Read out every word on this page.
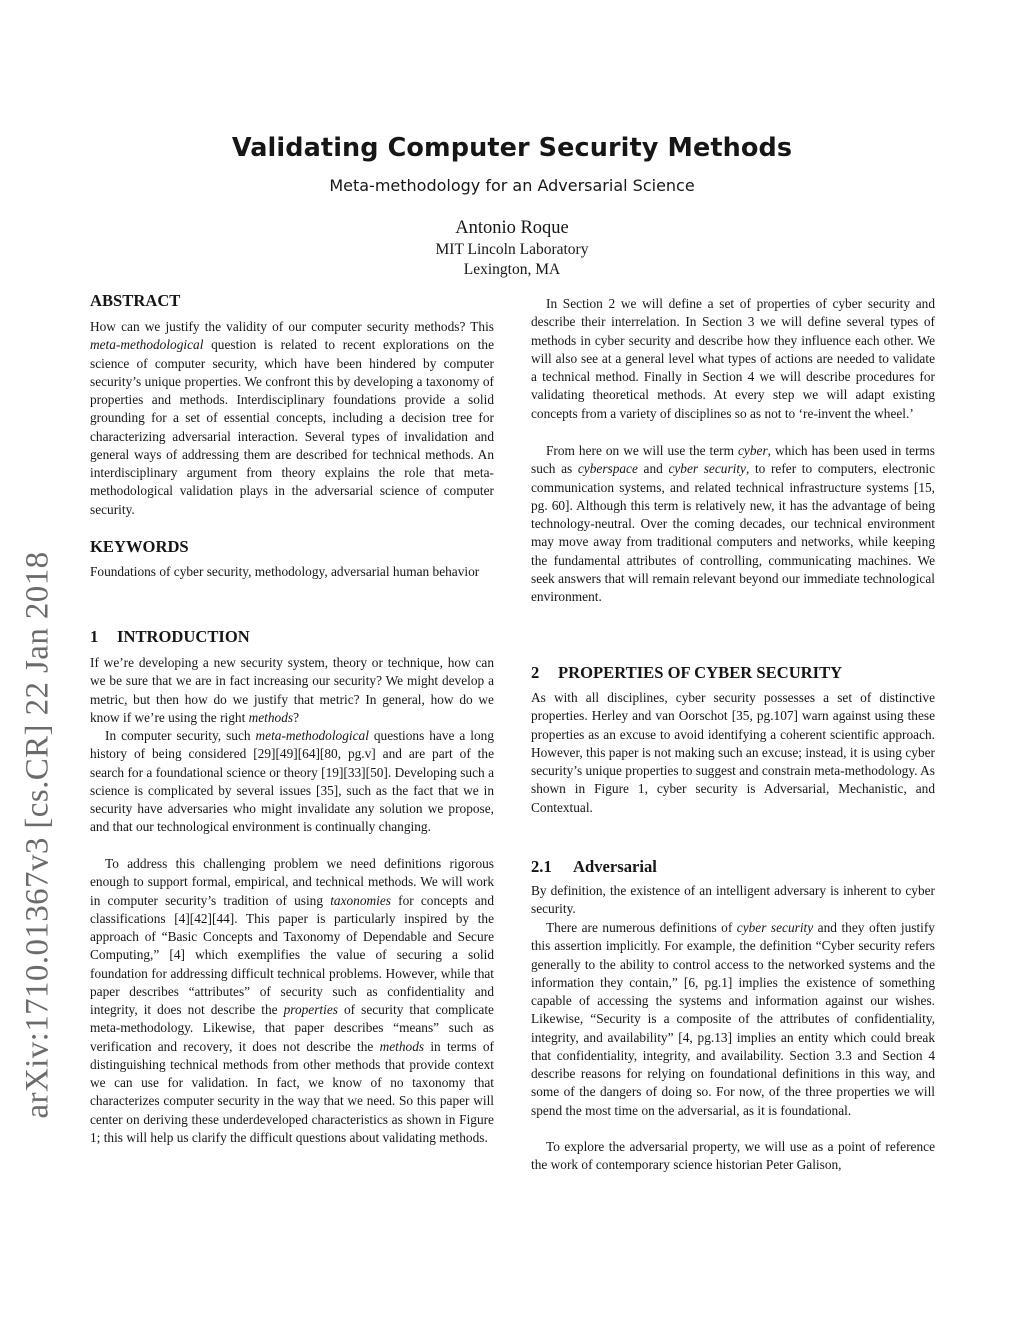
Validating Computer Security Methods
Meta-methodology for an Adversarial Science
Antonio Roque
MIT Lincoln Laboratory
Lexington, MA
arXiv:1710.01367v3 [cs.CR] 22 Jan 2018
ABSTRACT

How can we justify the validity of our computer security methods? This meta-methodological question is related to recent explorations on the science of computer security, which have been hindered by computer security’s unique properties. We confront this by developing a taxonomy of properties and methods. Interdisciplinary foundations provide a solid grounding for a set of essential concepts, including a decision tree for characterizing adversarial interaction. Several types of invalidation and general ways of addressing them are described for technical methods. An interdisciplinary argument from theory explains the role that meta-methodological validation plays in the adversarial science of computer security.

KEYWORDS

Foundations of cyber security, methodology, adversarial human behavior

1 INTRODUCTION

If we’re developing a new security system, theory or technique, how can we be sure that we are in fact increasing our security? We might develop a metric, but then how do we justify that metric? In general, how do we know if we’re using the right methods?

In computer security, such meta-methodological questions have a long history of being considered [29][49][64][80, pg.v] and are part of the search for a foundational science or theory [19][33][50]. Developing such a science is complicated by several issues [35], such as the fact that we in security have adversaries who might invalidate any solution we propose, and that our technological environment is continually changing.

To address this challenging problem we need definitions rigorous enough to support formal, empirical, and technical methods. We will work in computer security’s tradition of using taxonomies for concepts and classifications [4][42][44]. This paper is particularly inspired by the approach of “Basic Concepts and Taxonomy of Dependable and Secure Computing,” [4] which exemplifies the value of securing a solid foundation for addressing difficult technical problems. However, while that paper describes “attributes” of security such as confidentiality and integrity, it does not describe the properties of security that complicate meta-methodology. Likewise, that paper describes “means” such as verification and recovery, it does not describe the methods in terms of distinguishing technical methods from other methods that provide context we can use for validation. In fact, we know of no taxonomy that characterizes computer security in the way that we need. So this paper will center on deriving these underdeveloped characteristics as shown in Figure 1; this will help us clarify the difficult questions about validating methods.

In Section 2 we will define a set of properties of cyber security and describe their interrelation. In Section 3 we will define several types of methods in cyber security and describe how they influence each other. We will also see at a general level what types of actions are needed to validate a technical method. Finally in Section 4 we will describe procedures for validating theoretical methods. At every step we will adapt existing concepts from a variety of disciplines so as not to ‘re-invent the wheel.’

From here on we will use the term cyber, which has been used in terms such as cyberspace and cyber security, to refer to computers, electronic communication systems, and related technical infrastructure systems [15, pg. 60]. Although this term is relatively new, it has the advantage of being technology-neutral. Over the coming decades, our technical environment may move away from traditional computers and networks, while keeping the fundamental attributes of controlling, communicating machines. We seek answers that will remain relevant beyond our immediate technological environment.

2 PROPERTIES OF CYBER SECURITY

As with all disciplines, cyber security possesses a set of distinctive properties. Herley and van Oorschot [35, pg.107] warn against using these properties as an excuse to avoid identifying a coherent scientific approach. However, this paper is not making such an excuse; instead, it is using cyber security’s unique properties to suggest and constrain meta-methodology. As shown in Figure 1, cyber security is Adversarial, Mechanistic, and Contextual.

2.1 Adversarial

By definition, the existence of an intelligent adversary is inherent to cyber security.

There are numerous definitions of cyber security and they often justify this assertion implicitly. For example, the definition “Cyber security refers generally to the ability to control access to the networked systems and the information they contain,” [6, pg.1] implies the existence of something capable of accessing the systems and information against our wishes. Likewise, “Security is a composite of the attributes of confidentiality, integrity, and availability” [4, pg.13] implies an entity which could break that confidentiality, integrity, and availability. Section 3.3 and Section 4 describe reasons for relying on foundational definitions in this way, and some of the dangers of doing so. For now, of the three properties we will spend the most time on the adversarial, as it is foundational.

To explore the adversarial property, we will use as a point of reference the work of contemporary science historian Peter Galison,
